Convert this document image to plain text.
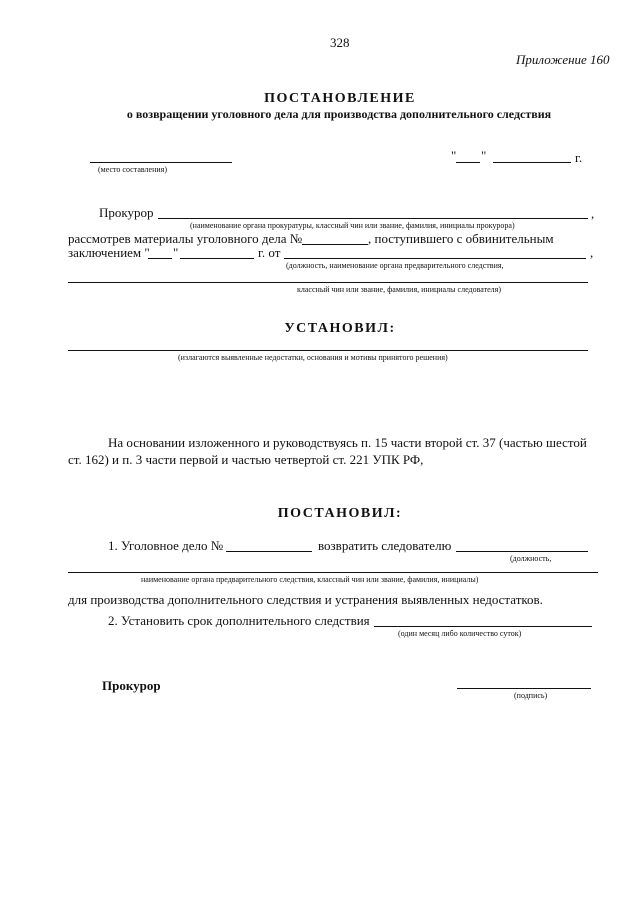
328
Приложение 160
ПОСТАНОВЛЕНИЕ
о возвращении уголовного дела для производства дополнительного следствия
(место составления)
" "	г.
Прокурор	,
(наименование органа прокуратуры, классный чин или звание, фамилия, инициалы прокурора)
рассмотрев материалы уголовного дела №	, поступившего с обвинительным
заключением " "	г. от	,
(должность, наименование органа предварительного следствия,
классный чин или звание, фамилия, инициалы следователя)
УСТАНОВИЛ:
(излагаются выявленные недостатки, основания и мотивы принятого решения)
На основании изложенного и руководствуясь п. 15 части второй ст. 37 (частью шестой
ст. 162) и п. 3 части первой и частью четвертой ст. 221 УПК РФ,
ПОСТАНОВИЛ:
1. Уголовное дело №	возвратить следователю
(должность,
наименование органа предварительного следствия, классный чин или звание, фамилия, инициалы)
для производства дополнительного следствия и устранения выявленных недостатков.
2. Установить срок дополнительного следствия
(один месяц либо количество суток)
Прокурор
(подпись)
